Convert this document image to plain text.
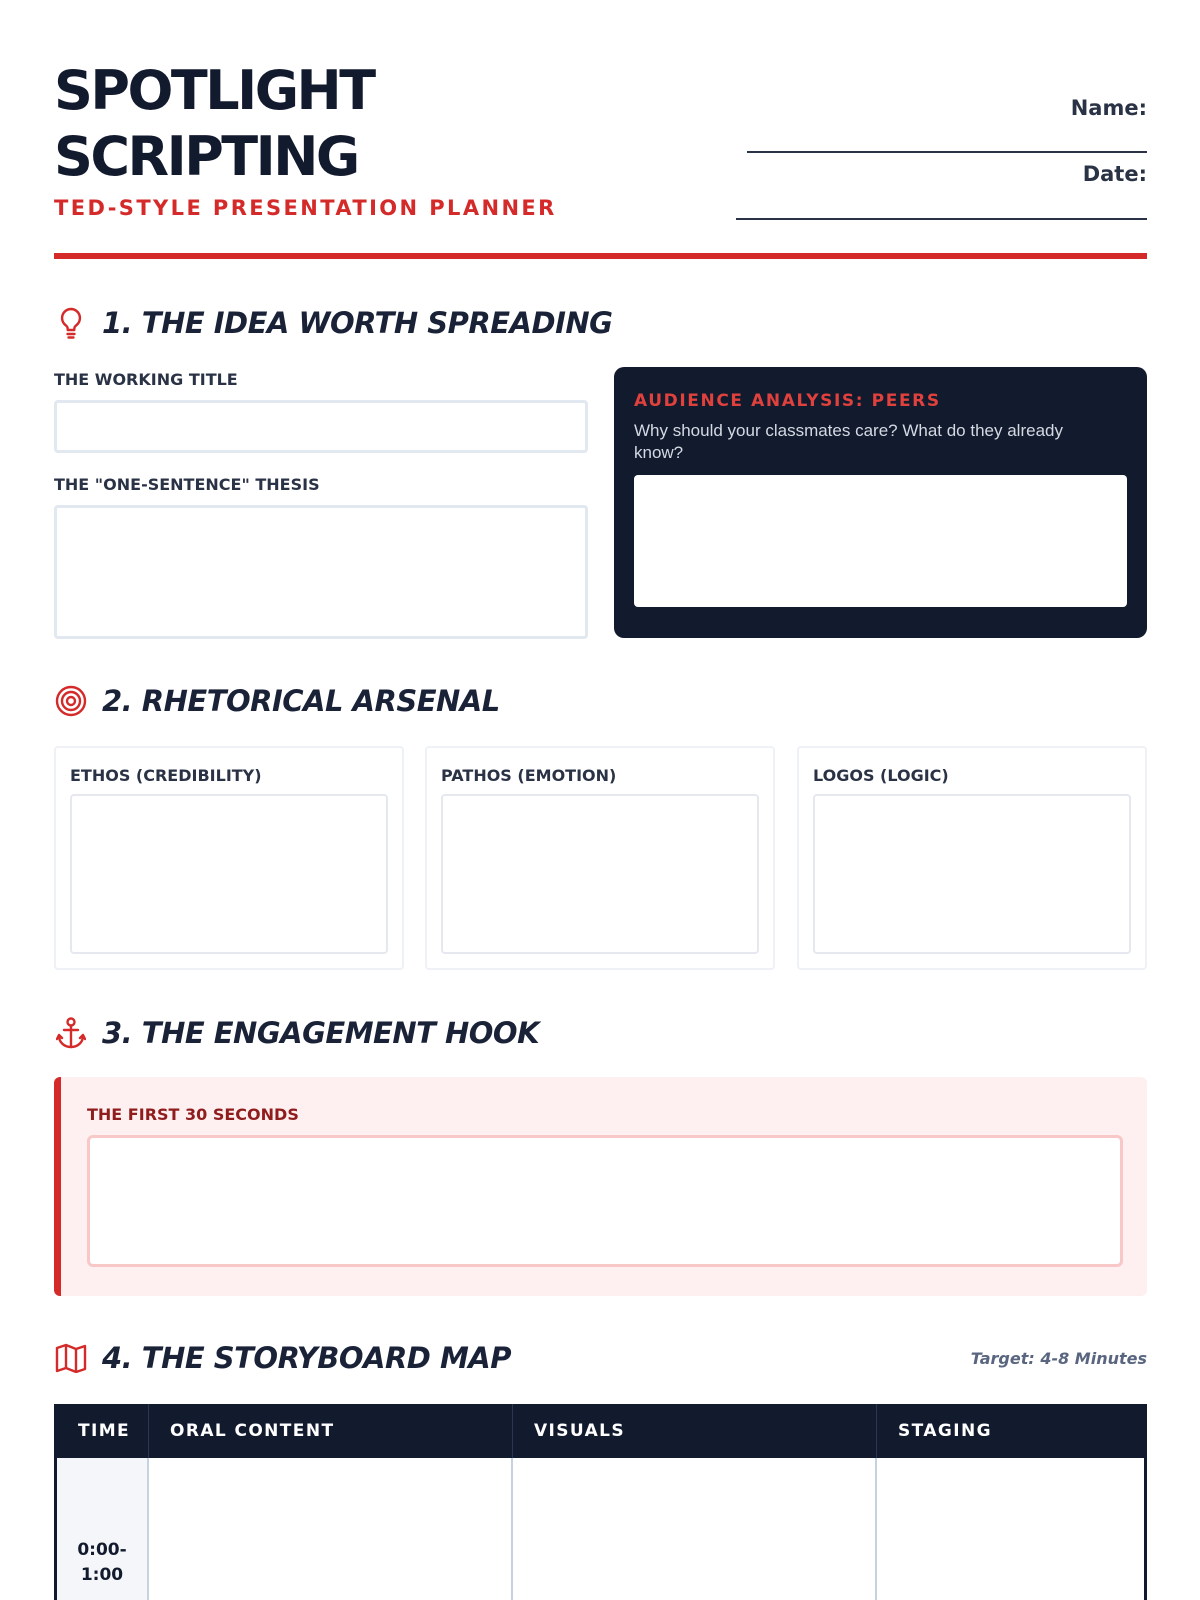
SPOTLIGHT
SCRIPTING
TED-STYLE PRESENTATION PLANNER
Name:
Date:
1. THE IDEA WORTH SPREADING
THE WORKING TITLE
THE "ONE-SENTENCE" THESIS
AUDIENCE ANALYSIS: PEERS
Why should your classmates care? What do they already know?
2. RHETORICAL ARSENAL
ETHOS (CREDIBILITY)	PATHOS (EMOTION)	LOGOS (LOGIC)
3. THE ENGAGEMENT HOOK
THE FIRST 30 SECONDS
4. THE STORYBOARD MAP	Target: 4-8 Minutes
TIME	ORAL CONTENT	VISUALS	STAGING
0:00-
1:00
